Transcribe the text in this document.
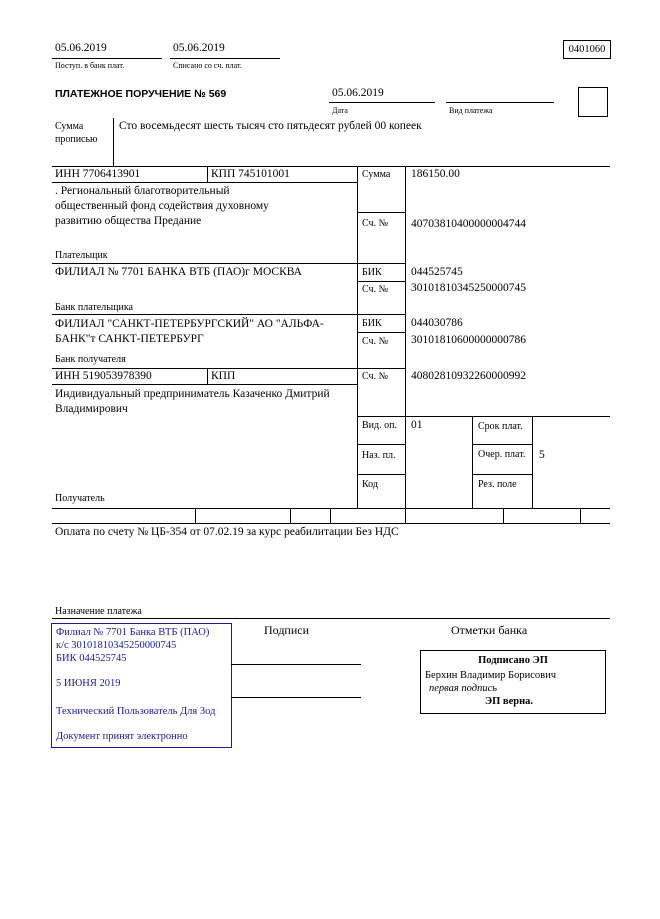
05.06.2019
Поступ. в банк плат.
05.06.2019
Списано со сч. плат.
0401060
ПЛАТЕЖНОЕ ПОРУЧЕНИЕ № 569	05.06.2019
Дата	Вид платежа
Сумма прописью
Сто восемьдесят шесть тысяч сто пятьдесят рублей 00 копеек
ИНН 7706413901	КПП 745101001
. Региональный благотворительный общественный фонд содействия духовному развитию общества Предание
Плательщик
Сумма 186150.00
Сч. № 40703810400000004744
ФИЛИАЛ № 7701 БАНКА ВТБ (ПАО)г МОСКВА
Банк плательщика
БИК	044525745
Сч. № 30101810345250000745
ФИЛИАЛ "САНКТ-ПЕТЕРБУРГСКИЙ" АО "АЛЬФА-БАНК"т САНКТ-ПЕТЕРБУРГ
Банк получателя
БИК	044030786
Сч. № 30101810600000000786
ИНН 519053978390	КПП	Сч. № 40802810932260000992
Индивидуальный предприниматель Казаченко Дмитрий Владимирович
Получатель
Вид. оп. 01	Срок плат.
Наз. пл.	Очер. плат. 5
Код	Рез. поле
Оплата по счету № ЦБ-354 от 07.02.19 за курс реабилитации Без НДС
Назначение платежа
Филиал № 7701 Банка ВТБ (ПАО)
к/с 30101810345250000745
БИК 044525745
5 ИЮНЯ 2019
Технический Пользователь Для Зод
Документ принят электронно
Подписи	Отметки банка
Подписано ЭП
Берхин Владимир Борисович
первая подпись
ЭП верна.
